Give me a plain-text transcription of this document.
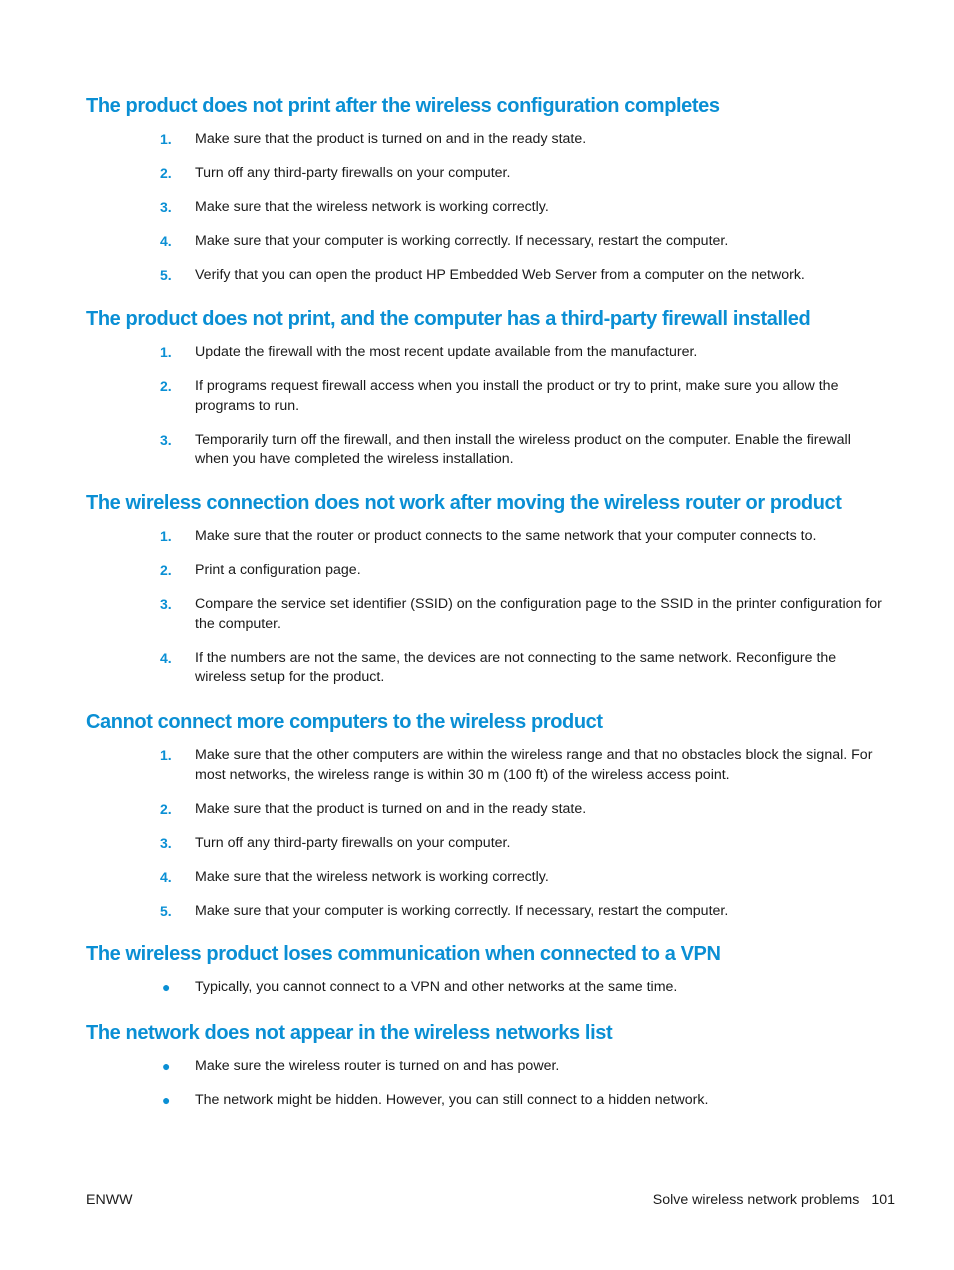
The product does not print after the wireless configuration completes
1. Make sure that the product is turned on and in the ready state.
2. Turn off any third-party firewalls on your computer.
3. Make sure that the wireless network is working correctly.
4. Make sure that your computer is working correctly. If necessary, restart the computer.
5. Verify that you can open the product HP Embedded Web Server from a computer on the network.
The product does not print, and the computer has a third-party firewall installed
1. Update the firewall with the most recent update available from the manufacturer.
2. If programs request firewall access when you install the product or try to print, make sure you allow the programs to run.
3. Temporarily turn off the firewall, and then install the wireless product on the computer. Enable the firewall when you have completed the wireless installation.
The wireless connection does not work after moving the wireless router or product
1. Make sure that the router or product connects to the same network that your computer connects to.
2. Print a configuration page.
3. Compare the service set identifier (SSID) on the configuration page to the SSID in the printer configuration for the computer.
4. If the numbers are not the same, the devices are not connecting to the same network. Reconfigure the wireless setup for the product.
Cannot connect more computers to the wireless product
1. Make sure that the other computers are within the wireless range and that no obstacles block the signal. For most networks, the wireless range is within 30 m (100 ft) of the wireless access point.
2. Make sure that the product is turned on and in the ready state.
3. Turn off any third-party firewalls on your computer.
4. Make sure that the wireless network is working correctly.
5. Make sure that your computer is working correctly. If necessary, restart the computer.
The wireless product loses communication when connected to a VPN
● Typically, you cannot connect to a VPN and other networks at the same time.
The network does not appear in the wireless networks list
● Make sure the wireless router is turned on and has power.
● The network might be hidden. However, you can still connect to a hidden network.
ENWW	Solve wireless network problems 101
